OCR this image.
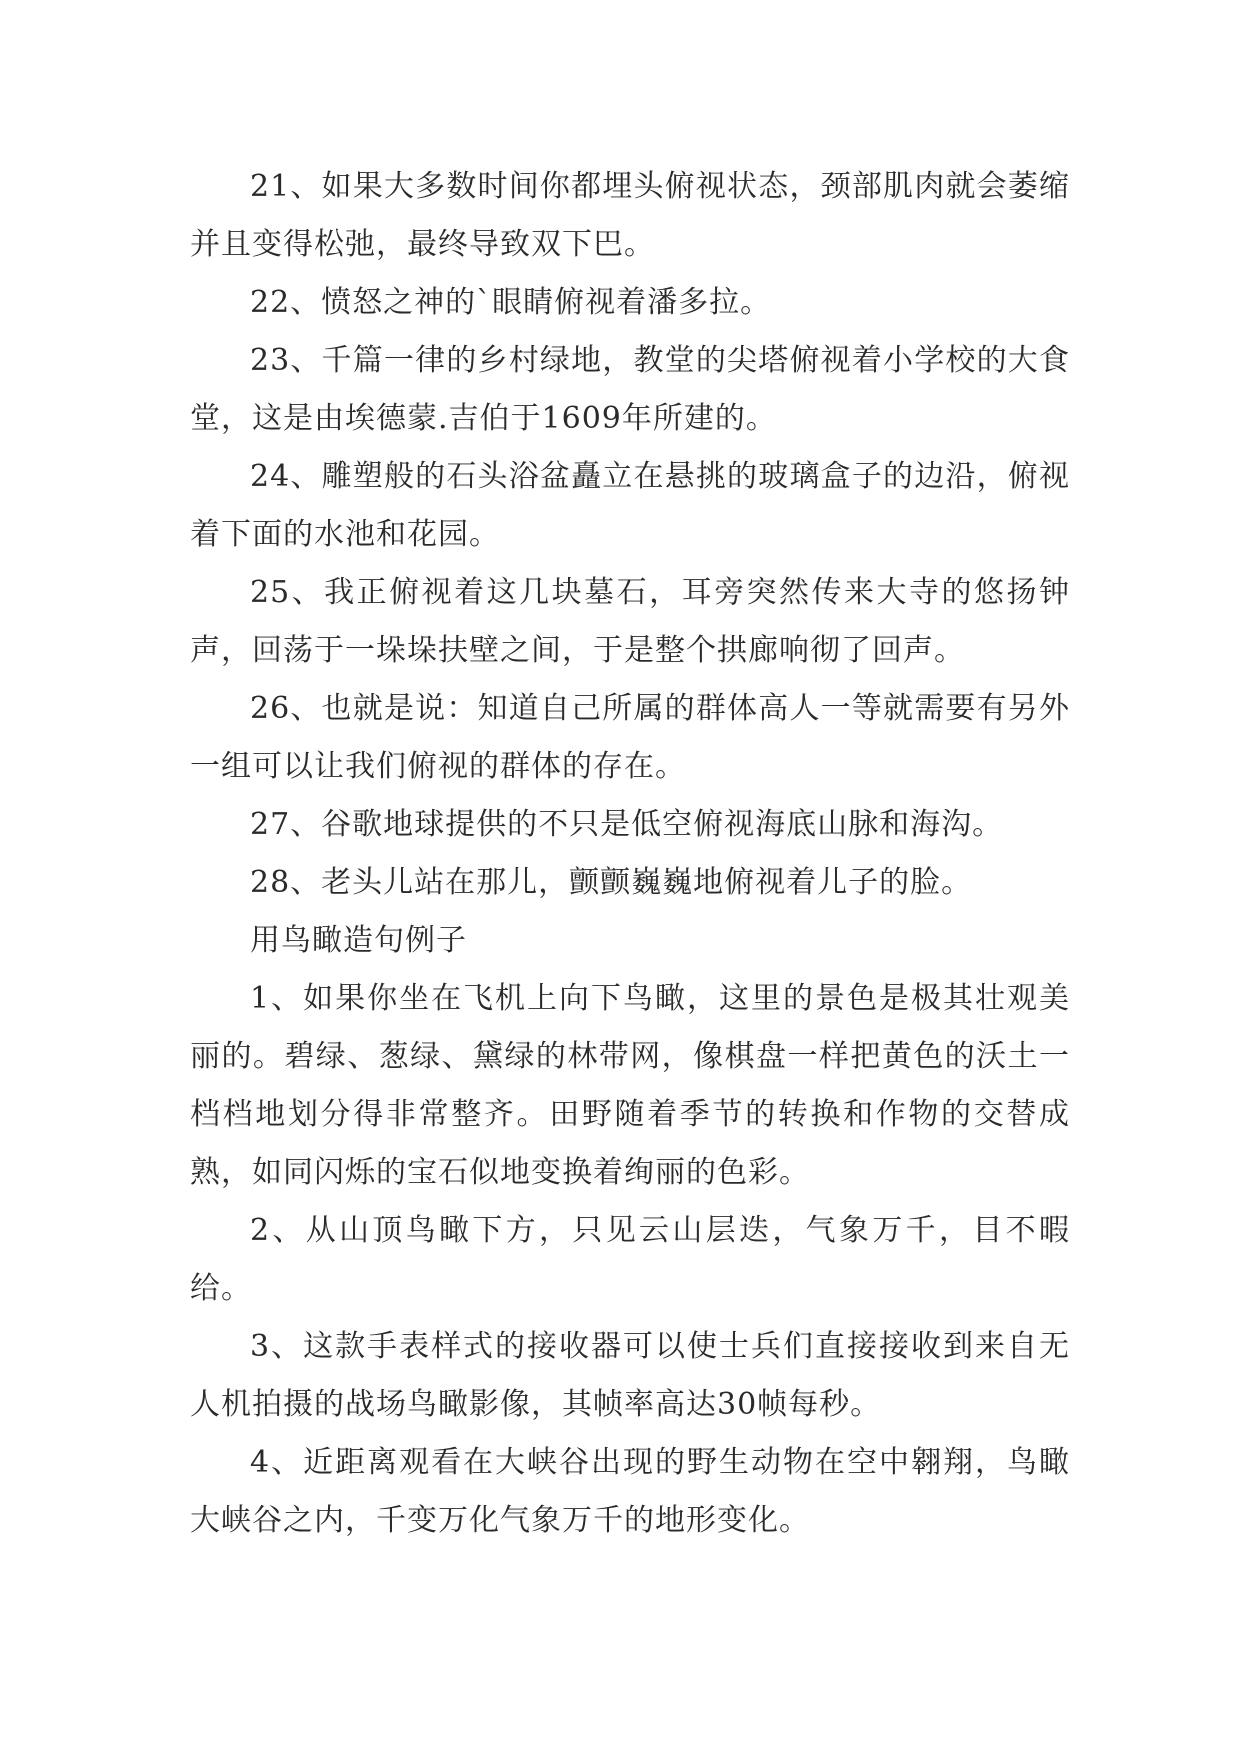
21、如果大多数时间你都埋头俯视状态，颈部肌肉就会萎缩并且变得松弛，最终导致双下巴。

22、愤怒之神的`眼睛俯视着潘多拉。

23、千篇一律的乡村绿地，教堂的尖塔俯视着小学校的大食堂，这是由埃德蒙.吉伯于1609年所建的。

24、雕塑般的石头浴盆矗立在悬挑的玻璃盒子的边沿，俯视着下面的水池和花园。

25、我正俯视着这几块墓石，耳旁突然传来大寺的悠扬钟声，回荡于一垛垛扶壁之间，于是整个拱廊响彻了回声。

26、也就是说：知道自己所属的群体高人一等就需要有另外一组可以让我们俯视的群体的存在。

27、谷歌地球提供的不只是低空俯视海底山脉和海沟。

28、老头儿站在那儿，颤颤巍巍地俯视着儿子的脸。

用鸟瞰造句例子

1、如果你坐在飞机上向下鸟瞰，这里的景色是极其壮观美丽的。碧绿、葱绿、黛绿的林带网，像棋盘一样把黄色的沃土一档档地划分得非常整齐。田野随着季节的转换和作物的交替成熟，如同闪烁的宝石似地变换着绚丽的色彩。

2、从山顶鸟瞰下方，只见云山层迭，气象万千，目不暇给。

3、这款手表样式的接收器可以使士兵们直接接收到来自无人机拍摄的战场鸟瞰影像，其帧率高达30帧每秒。

4、近距离观看在大峡谷出现的野生动物在空中翱翔，鸟瞰大峡谷之内，千变万化气象万千的地形变化。
